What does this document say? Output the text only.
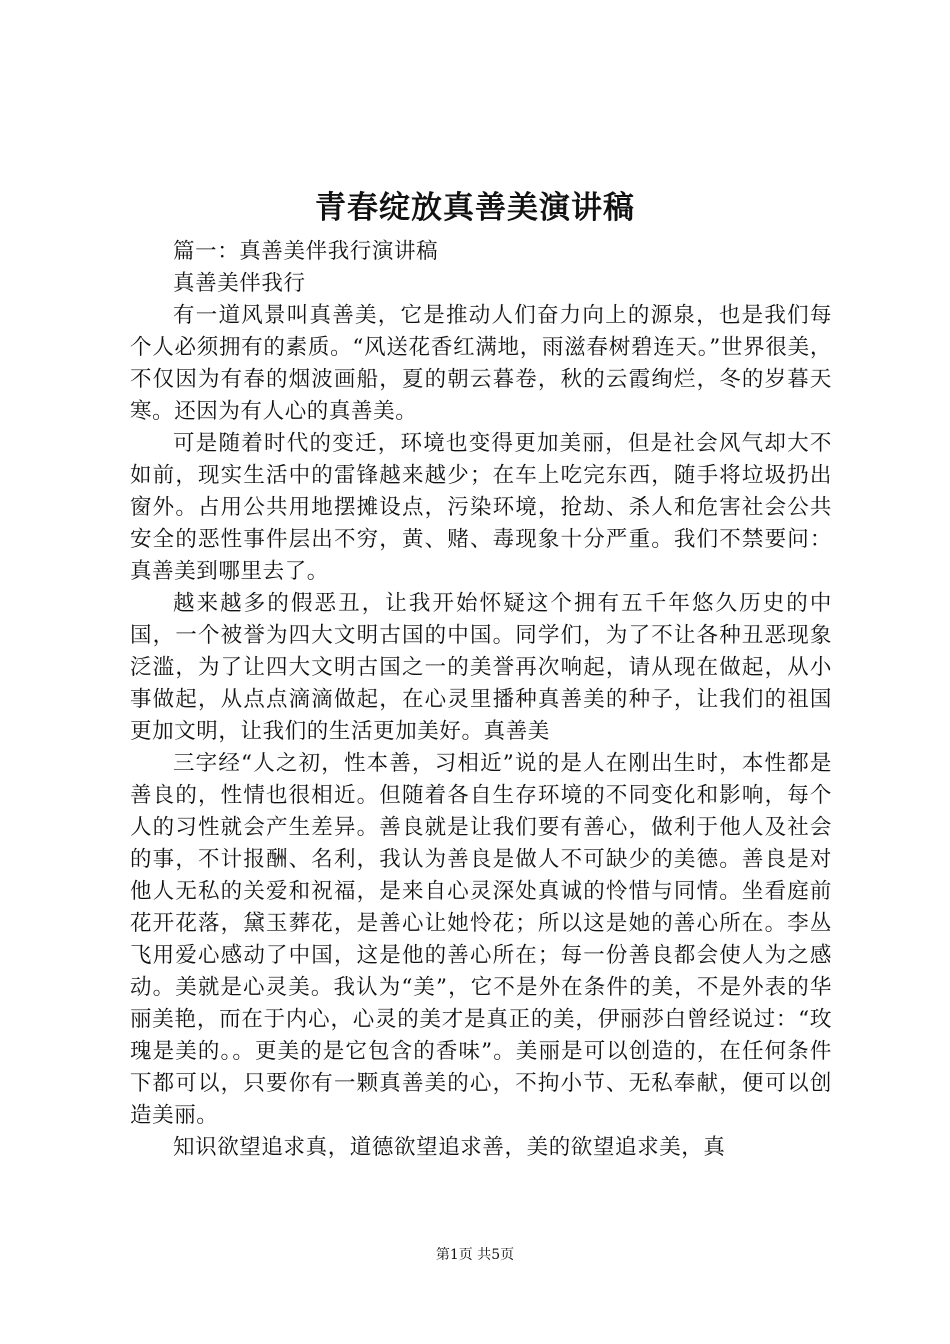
青春绽放真善美演讲稿

篇一：真善美伴我行演讲稿

真善美伴我行

有一道风景叫真善美，它是推动人们奋力向上的源泉，也是我们每个人必须拥有的素质。“风送花香红满地，雨滋春树碧连天。”世界很美，不仅因为有春的烟波画船，夏的朝云暮卷，秋的云霞绚烂，冬的岁暮天寒。还因为有人心的真善美。

可是随着时代的变迁，环境也变得更加美丽，但是社会风气却大不如前，现实生活中的雷锋越来越少；在车上吃完东西，随手将垃圾扔出窗外。占用公共用地摆摊设点，污染环境，抢劫、杀人和危害社会公共安全的恶性事件层出不穷，黄、赌、毒现象十分严重。我们不禁要问：真善美到哪里去了。

越来越多的假恶丑，让我开始怀疑这个拥有五千年悠久历史的中国，一个被誉为四大文明古国的中国。同学们，为了不让各种丑恶现象泛滥，为了让四大文明古国之一的美誉再次响起，请从现在做起，从小事做起，从点点滴滴做起，在心灵里播种真善美的种子，让我们的祖国更加文明，让我们的生活更加美好。真善美

三字经“人之初，性本善，习相近”说的是人在刚出生时，本性都是善良的，性情也很相近。但随着各自生存环境的不同变化和影响，每个人的习性就会产生差异。善良就是让我们要有善心，做利于他人及社会的事，不计报酬、名利，我认为善良是做人不可缺少的美德。善良是对他人无私的关爱和祝福，是来自心灵深处真诚的怜惜与同情。坐看庭前花开花落，黛玉葬花，是善心让她怜花；所以这是她的善心所在。李丛飞用爱心感动了中国，这是他的善心所在；每一份善良都会使人为之感动。美就是心灵美。我认为“美”，它不是外在条件的美，不是外表的华丽美艳，而在于内心，心灵的美才是真正的美，伊丽莎白曾经说过：“玫瑰是美的。。更美的是它包含的香味”。美丽是可以创造的，在任何条件下都可以，只要你有一颗真善美的心，不拘小节、无私奉献，便可以创造美丽。

知识欲望追求真，道德欲望追求善，美的欲望追求美，真

第1页 共5页
